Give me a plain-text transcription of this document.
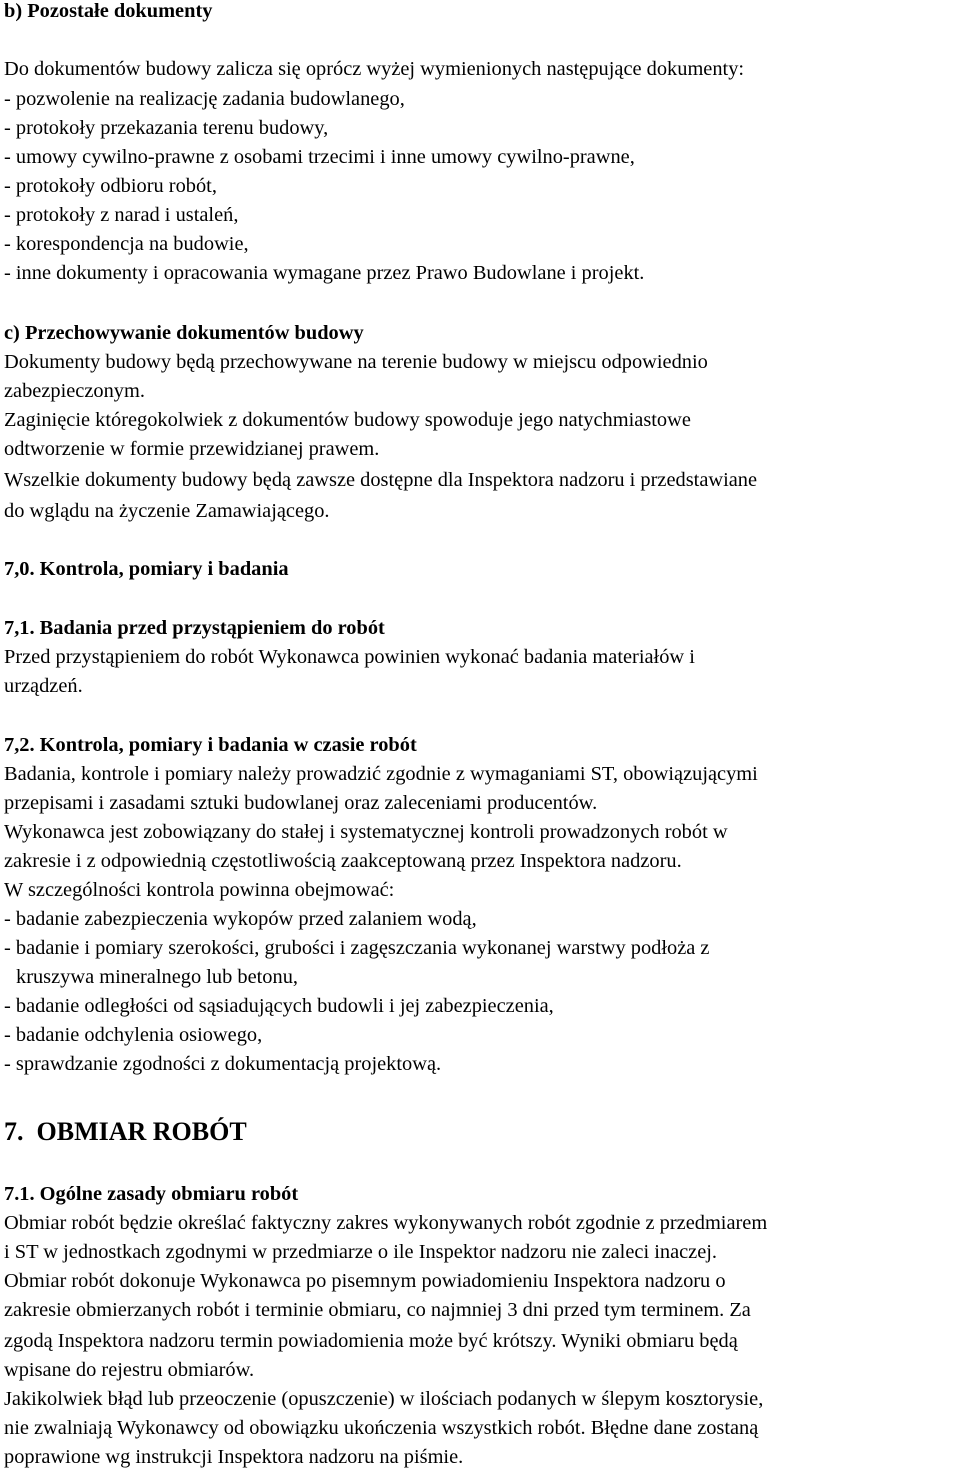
b) Pozostałe dokumenty
Do dokumentów budowy zalicza się oprócz wyżej wymienionych następujące dokumenty:
- pozwolenie na realizację zadania budowlanego,
- protokoły przekazania terenu budowy,
- umowy cywilno-prawne z osobami trzecimi i inne umowy cywilno-prawne,
- protokoły odbioru robót,
- protokoły z narad i ustaleń,
- korespondencja na budowie,
- inne dokumenty i opracowania wymagane przez Prawo Budowlane i projekt.
c) Przechowywanie dokumentów budowy
Dokumenty budowy będą przechowywane na terenie budowy w miejscu odpowiednio
zabezpieczonym.
Zaginięcie któregokolwiek z dokumentów budowy spowoduje jego natychmiastowe
odtworzenie w formie przewidzianej prawem.
Wszelkie dokumenty budowy będą zawsze dostępne dla Inspektora nadzoru i przedstawiane
do wglądu na życzenie Zamawiającego.
7,0. Kontrola, pomiary i badania
7,1. Badania przed przystąpieniem do robót
Przed przystąpieniem do robót Wykonawca powinien wykonać badania materiałów i
urządzeń.
7,2. Kontrola, pomiary i badania w czasie robót
Badania, kontrole i pomiary należy prowadzić zgodnie z wymaganiami ST, obowiązującymi
przepisami i zasadami sztuki budowlanej oraz zaleceniami producentów.
Wykonawca jest zobowiązany do stałej i systematycznej kontroli prowadzonych robót w
zakresie i z odpowiednią częstotliwością zaakceptowaną przez Inspektora nadzoru.
W szczególności kontrola powinna obejmować:
- badanie zabezpieczenia wykopów przed zalaniem wodą,
- badanie i pomiary szerokości, grubości i zagęszczania wykonanej warstwy podłoża z
kruszywa mineralnego lub betonu,
- badanie odległości od sąsiadujących budowli i jej zabezpieczenia,
- badanie odchylenia osiowego,
- sprawdzanie zgodności z dokumentacją projektową.
7.  OBMIAR ROBÓT
7.1. Ogólne zasady obmiaru robót
Obmiar robót będzie określać faktyczny zakres wykonywanych robót zgodnie z przedmiarem
i ST w jednostkach zgodnymi w przedmiarze o ile Inspektor nadzoru nie zaleci inaczej.
Obmiar robót dokonuje Wykonawca po pisemnym powiadomieniu Inspektora nadzoru o
zakresie obmierzanych robót i terminie obmiaru, co najmniej 3 dni przed tym terminem. Za
zgodą Inspektora nadzoru termin powiadomienia może być krótszy. Wyniki obmiaru będą
wpisane do rejestru obmiarów.
Jakikolwiek błąd lub przeoczenie (opuszczenie) w ilościach podanych w ślepym kosztorysie,
nie zwalniają Wykonawcy od obowiązku ukończenia wszystkich robót. Błędne dane zostaną
poprawione wg instrukcji Inspektora nadzoru na piśmie.
